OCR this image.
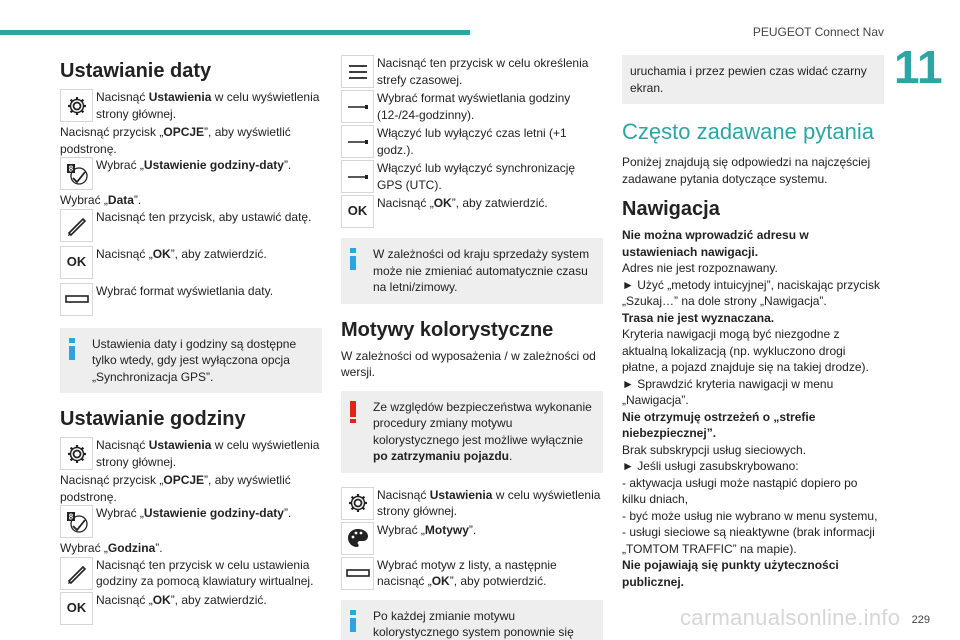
PEUGEOT Connect Nav
11
carmanualsonline.info 229
Ustawianie daty

Nacisnąć Ustawienia w celu wyświetlenia strony głównej.

Nacisnąć przycisk „OPCJE”, aby wyświetlić podstronę.

8 Wybrać „Ustawienie godziny-daty”.

Wybrać „Data”.

Nacisnąć ten przycisk, aby ustawić datę.

OK

Nacisnąć „OK”, aby zatwierdzić.

Wybrać format wyświetlania daty.

Ustawienia daty i godziny są dostępne tylko wtedy, gdy jest wyłączona opcja „Synchronizacja GPS”.

Ustawianie godziny

Nacisnąć Ustawienia w celu wyświetlenia strony głównej.

Nacisnąć przycisk „OPCJE”, aby wyświetlić podstronę.

8 Wybrać „Ustawienie godziny-daty”.

Wybrać „Godzina”.

Nacisnąć ten przycisk w celu ustawienia godziny za pomocą klawiatury wirtualnej.

OK

Nacisnąć „OK”, aby zatwierdzić.

Nacisnąć ten przycisk w celu określenia strefy czasowej.

Wybrać format wyświetlania godziny (12-/24-godzinny).

Włączyć lub wyłączyć czas letni (+1 godz.).

Włączyć lub wyłączyć synchronizację GPS (UTC).

OK

Nacisnąć „OK”, aby zatwierdzić.

W zależności od kraju sprzedaży system może nie zmieniać automatycznie czasu na letni/zimowy.

Motywy kolorystyczne

W zależności od wyposażenia / w zależności od wersji.

Ze względów bezpieczeństwa wykonanie procedury zmiany motywu kolorystycznego jest możliwe wyłącznie po zatrzymaniu pojazdu.

Nacisnąć Ustawienia w celu wyświetlenia strony głównej.

Wybrać „Motywy”.

Wybrać motyw z listy, a następnie nacisnąć „OK”, aby potwierdzić.

Po każdej zmianie motywu kolorystycznego system ponownie się

uruchamia i przez pewien czas widać czarny ekran.

Często zadawane pytania

Poniżej znajdują się odpowiedzi na najczęściej zadawane pytania dotyczące systemu.

Nawigacja

Nie można wprowadzić adresu w ustawieniach nawigacji.

Adres nie jest rozpoznawany.

► Użyć „metody intuicyjnej”, naciskając przycisk „Szukaj…” na dole strony „Nawigacja”.

Trasa nie jest wyznaczana.

Kryteria nawigacji mogą być niezgodne z aktualną lokalizacją (np. wykluczono drogi płatne, a pojazd znajduje się na takiej drodze).

► Sprawdzić kryteria nawigacji w menu „Nawigacja”.

Nie otrzymuję ostrzeżeń o „strefie niebezpiecznej”.

Brak subskrypcji usług sieciowych.

► Jeśli usługi zasubskrybowano:

- aktywacja usługi może nastąpić dopiero po kilku dniach,

- być może usług nie wybrano w menu systemu,

- usługi sieciowe są nieaktywne (brak informacji „TOMTOM TRAFFIC” na mapie).

Nie pojawiają się punkty użyteczności publicznej.
